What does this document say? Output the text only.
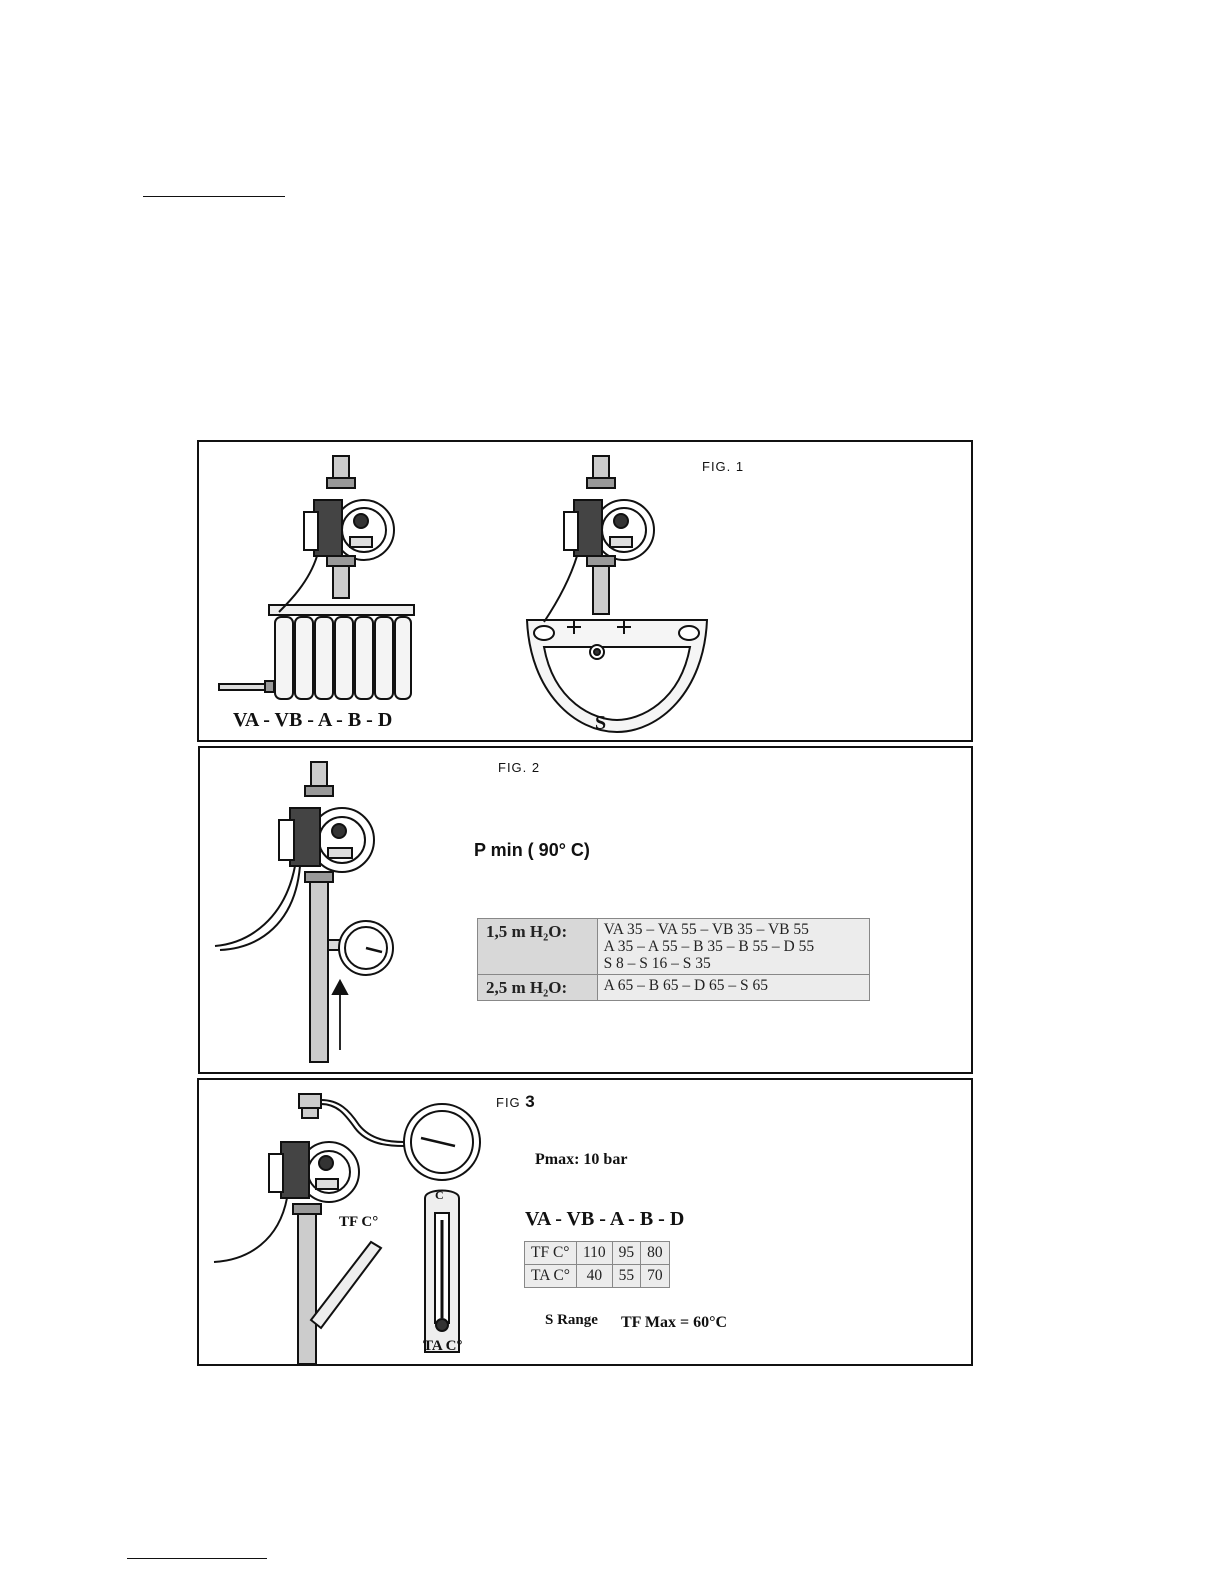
FIG. 1
VA - VB - A - B - D	S
FIG. 2
P min ( 90° C)
1,5 m H₂O:	VA 35 – VA 55 – VB 35 – VB 55
A 35 – A 55 – B 35 – B 55 – D 55
S 8 – S 16 – S 35

2,5 m H₂O:	A 65 – B 65 – D 65 – S 65
FIG 3
C
TF C°
TA C°
Pmax: 10 bar
VA - VB - A - B - D
TF C°	110	95	80
TA C°	40	55	70
S Range TF Max = 60°C
